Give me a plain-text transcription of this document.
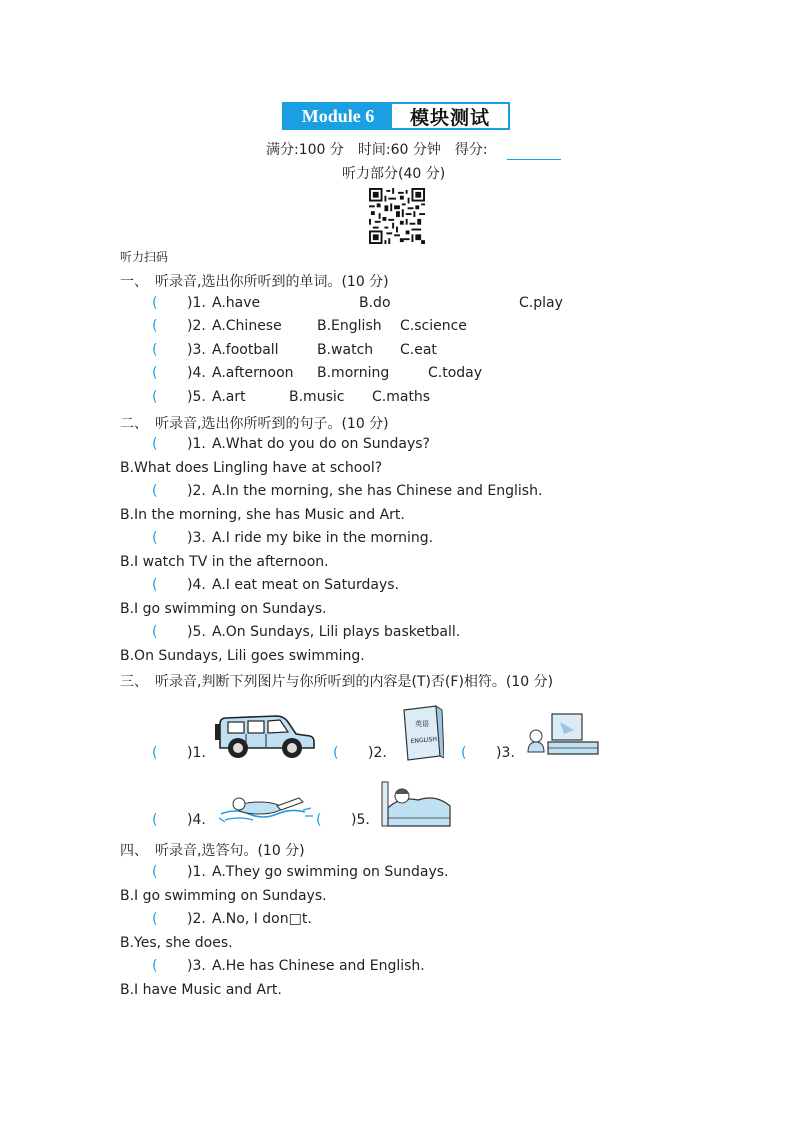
Module 6	模块测试
满分:100 分　时间:60 分钟　得分:
听力部分(40 分)
听力扫码
一、　听录音,选出你所听到的单词。(10 分)
( )1. A.have	B.do	C.play
( )2. A.Chinese	B.English C.science
( )3. A.football	B.watch C.eat
( )4. A.afternoon B.morning	C.today
( )5. A.art	B.music C.maths
二、　听录音,选出你所听到的句子。(10 分)
( )1. A.What do you do on Sundays?
B.What does Lingling have at school?
( )2. A.In the morning, she has Chinese and English.
B.In the morning, she has Music and Art.
( )3. A.I ride my bike in the morning.
B.I watch TV in the afternoon.
( )4. A.I eat meat on Saturdays.
B.I go swimming on Sundays.
( )5. A.On Sundays, Lili plays basketball.
B.On Sundays, Lili goes swimming.
三、　听录音,判断下列图片与你所听到的内容是(T)否(F)相符。(10 分)
( )1.	( )2.
英语
ENGLISH
( )3.
( )4.	( )5.
四、　听录音,选答句。(10 分)
( )1. A.They go swimming on Sundays.
B.I go swimming on Sundays.
( )2. A.No, I don□t.
B.Yes, she does.
( )3. A.He has Chinese and English.
B.I have Music and Art.
